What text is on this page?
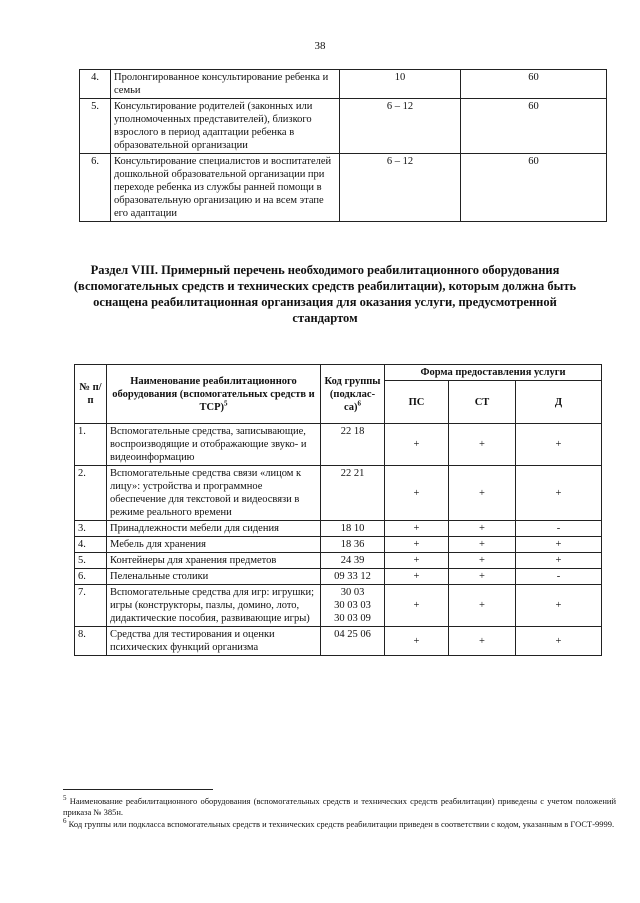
38
4.	Пролонгированное консультирование ребенка и семьи	10	60
5.	Консультирование родителей (законных или уполномоченных представителей), близкого взрослого в период адаптации ребенка в образовательной организации	6 – 12	60
6.	Консультирование специалистов и воспитателей дошкольной образовательной организации при переходе ребенка из службы ранней помощи в образовательную организацию и на всем этапе его адаптации	6 – 12	60
Раздел VIII. Примерный перечень необходимого реабилитационного оборудования (вспомогательных средств и технических средств реабилитации), которым должна быть оснащена реабилитационная организация для оказания услуги, предусмотренной стандартом
№ п/п	Наименование реабилитационного оборудования (вспомогательных средств и ТСР)$^5$	Код группы (подклас-са)$^6$	Форма предоставления услуги		
			ПС	СТ	Д
1.	Вспомогательные средства, записывающие, воспроизводящие и отображающие звуко- и видеоинформацию	22 18	+	+	+
2.	Вспомогательные средства связи «лицом к лицу»: устройства и программное обеспечение для текстовой и видеосвязи в режиме реального времени	22 21	+	+	+
3.	Принадлежности мебели для сидения	18 10	+	+	-
4.	Мебель для хранения	18 36	+	+	+
5.	Контейнеры для хранения предметов	24 39	+	+	+
6.	Пеленальные столики	09 33 12	+	+	-
7.	Вспомогательные средства для игр: игрушки; игры (конструкторы, пазлы, домино, лото, дидактические пособия, развивающие игры)	30 03
30 03 03
30 03 09	+	+	+
8.	Средства для тестирования и оценки психических функций организма	04 25 06	+	+	+

$^5$ Наименование реабилитационного оборудования (вспомогательных средств и технических средств реабилитации) приведены с учетом положений приказа № 385н.

$^6$ Код группы или подкласса вспомогательных средств и технических средств реабилитации приведен в соответствии с кодом, указанным в ГОСТ-9999.
